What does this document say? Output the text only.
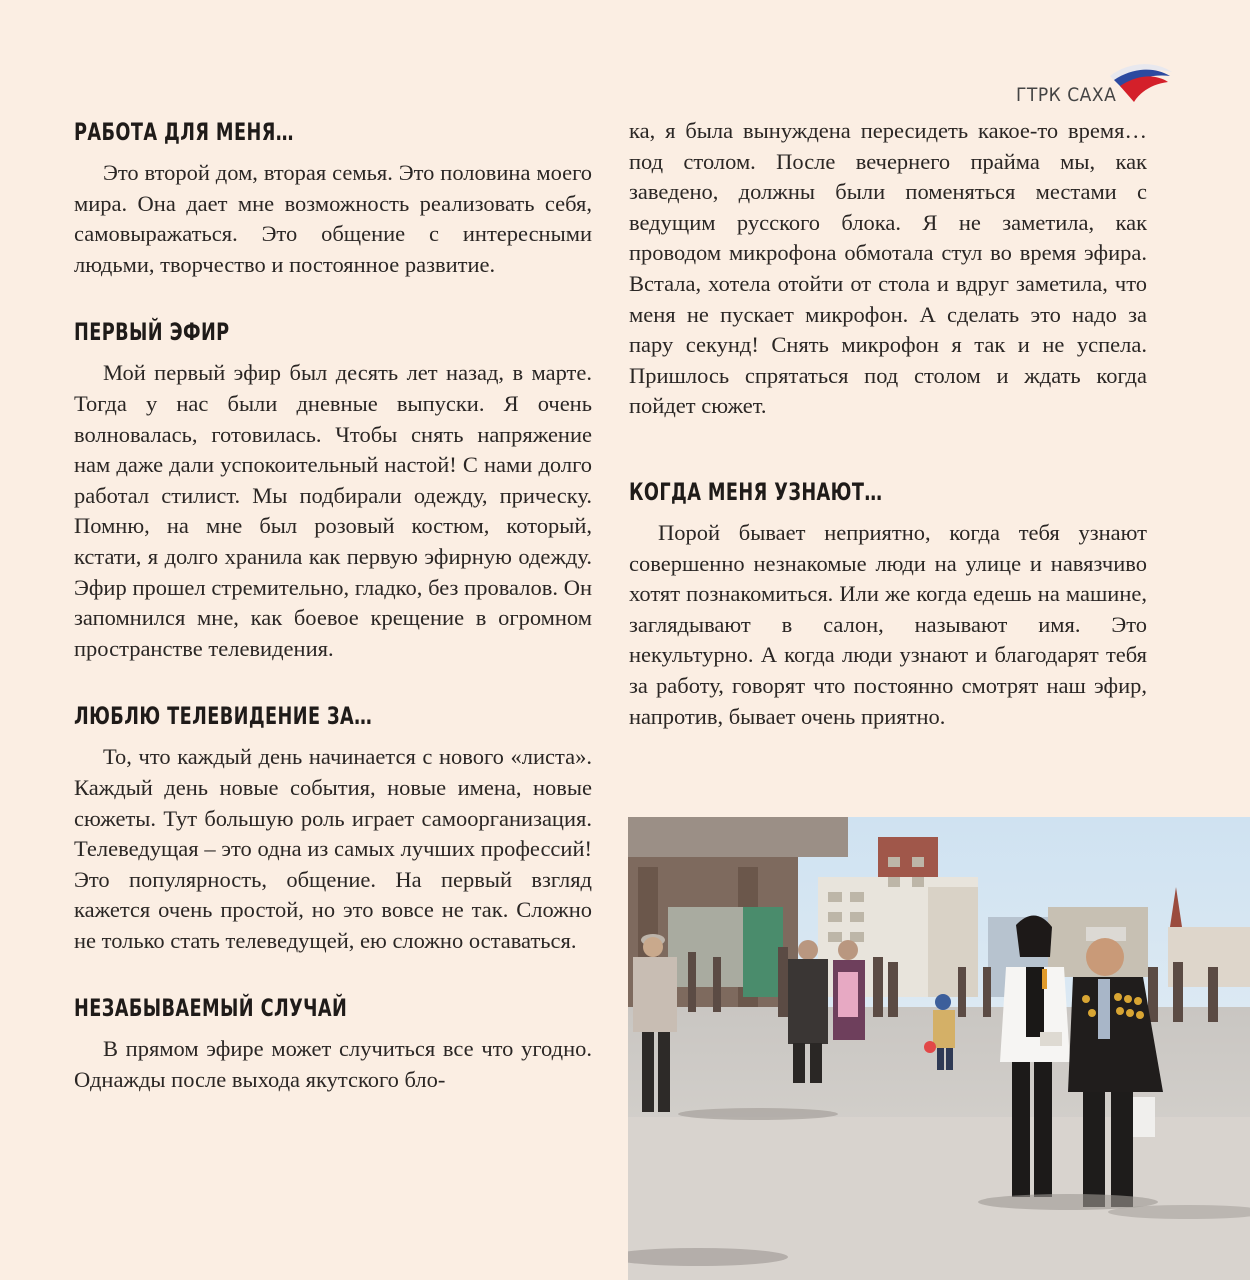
ГТРК САХА
РАБОТА ДЛЯ МЕНЯ…

Это второй дом, вторая семья. Это половина моего мира. Она дает мне возможность реализовать себя, самовыражаться. Это общение с интересными людьми, творчество и постоянное развитие.

ПЕРВЫЙ ЭФИР

Мой первый эфир был десять лет назад, в марте. Тогда у нас были дневные выпуски. Я очень волновалась, готовилась. Чтобы снять напряжение нам даже дали успокоительный настой! С нами долго работал стилист. Мы подбирали одежду, прическу. Помню, на мне был розовый костюм, который, кстати, я долго хранила как первую эфирную одежду. Эфир прошел стремительно, гладко, без провалов. Он запомнился мне, как боевое крещение в огромном пространстве телевидения.

ЛЮБЛЮ ТЕЛЕВИДЕНИЕ ЗА…

То, что каждый день начинается с нового «листа». Каждый день новые события, новые имена, новые сюжеты. Тут большую роль играет самоорганизация. Телеведущая – это одна из самых лучших профессий! Это популярность, общение. На первый взгляд кажется очень простой, но это вовсе не так. Сложно не только стать телеведущей, ею сложно оставаться.

НЕЗАБЫВАЕМЫЙ СЛУЧАЙ

В прямом эфире может случиться все что угодно. Однажды после выхода якутского бло-

ка, я была вынуждена пересидеть какое-то время… под столом. После вечернего прайма мы, как заведено, должны были поменяться местами с ведущим русского блока. Я не заметила, как проводом микрофона обмотала стул во время эфира. Встала, хотела отойти от стола и вдруг заметила, что меня не пускает микрофон. А сделать это надо за пару секунд! Снять микрофон я так и не успела. Пришлось спрятаться под столом и ждать когда пойдет сюжет.

КОГДА МЕНЯ УЗНАЮТ…

Порой бывает неприятно, когда тебя узнают совершенно незнакомые люди на улице и навязчиво хотят познакомиться. Или же когда едешь на машине, заглядывают в салон, называют имя. Это некультурно. А когда люди узнают и благодарят тебя за работу, говорят что постоянно смотрят наш эфир, напротив, бывает очень приятно.
